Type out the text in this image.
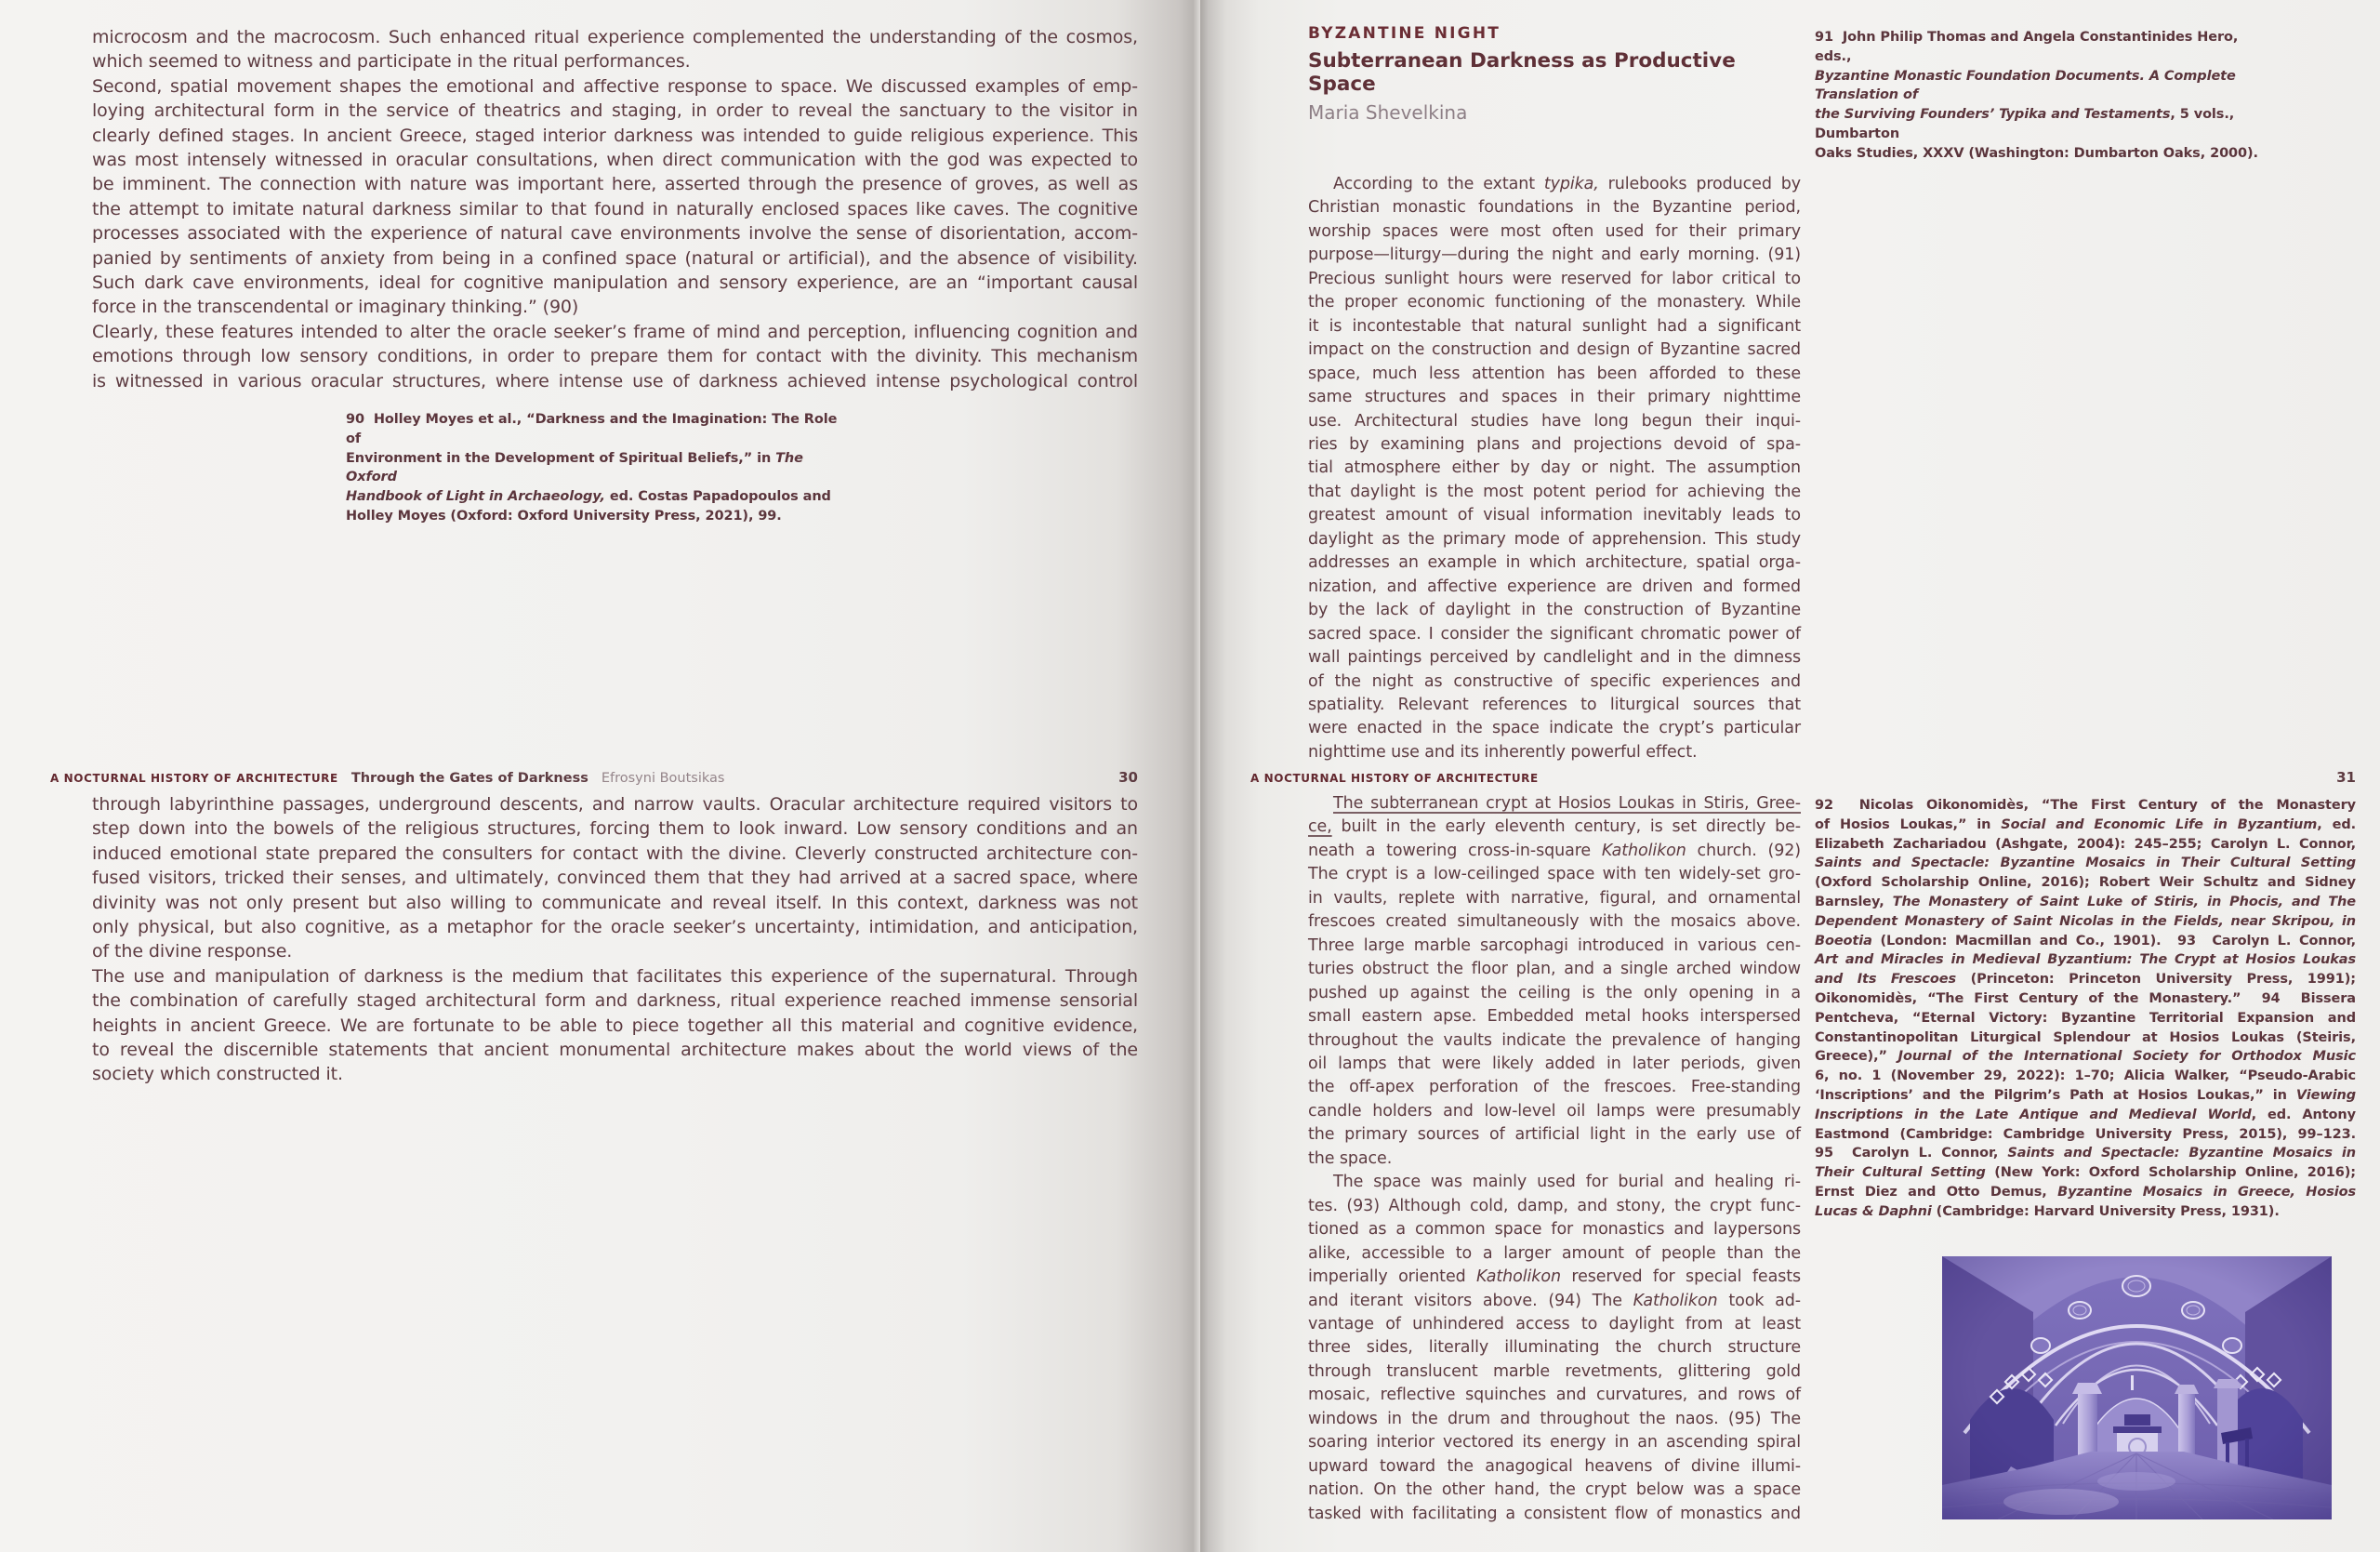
microcosm and the macrocosm. Such enhanced ritual experience complemented the understanding of the cosmos,
which seemed to witness and participate in the ritual performances.
Second, spatial movement shapes the emotional and affective response to space. We discussed examples of emp-
loying architectural form in the service of theatrics and staging, in order to reveal the sanctuary to the visitor in
clearly defined stages. In ancient Greece, staged interior darkness was intended to guide religious experience. This
was most intensely witnessed in oracular consultations, when direct communication with the god was expected to
be imminent. The connection with nature was important here, asserted through the presence of groves, as well as
the attempt to imitate natural darkness similar to that found in naturally enclosed spaces like caves. The cognitive
processes associated with the experience of natural cave environments involve the sense of disorientation, accom-
panied by sentiments of anxiety from being in a confined space (natural or artificial), and the absence of visibility.
Such dark cave environments, ideal for cognitive manipulation and sensory experience, are an “important causal
force in the transcendental or imaginary thinking.” (90)
Clearly, these features intended to alter the oracle seeker’s frame of mind and perception, influencing cognition and
emotions through low sensory conditions, in order to prepare them for contact with the divinity. This mechanism
is witnessed in various oracular structures, where intense use of darkness achieved intense psychological control
90  Holley Moyes et al., “Darkness and the Imagination: The Role of
Environment in the Development of Spiritual Beliefs,” in The Oxford
Handbook of Light in Archaeology, ed. Costas Papadopoulos and
Holley Moyes (Oxford: Oxford University Press, 2021), 99.
A NOCTURNAL HISTORY OF ARCHITECTURE Through the Gates of Darkness Efrosyni Boutsikas	30
through labyrinthine passages, underground descents, and narrow vaults. Oracular architecture required visitors to
step down into the bowels of the religious structures, forcing them to look inward. Low sensory conditions and an
induced emotional state prepared the consulters for contact with the divine. Cleverly constructed architecture con-
fused visitors, tricked their senses, and ultimately, convinced them that they had arrived at a sacred space, where
divinity was not only present but also willing to communicate and reveal itself. In this context, darkness was not
only physical, but also cognitive, as a metaphor for the oracle seeker’s uncertainty, intimidation, and anticipation,
of the divine response.
The use and manipulation of darkness is the medium that facilitates this experience of the supernatural. Through
the combination of carefully staged architectural form and darkness, ritual experience reached immense sensorial
heights in ancient Greece. We are fortunate to be able to piece together all this material and cognitive evidence,
to reveal the discernible statements that ancient monumental architecture makes about the world views of the
society which constructed it.
BYZANTINE NIGHT
Subterranean Darkness as Productive Space
Maria Shevelkina
91  John Philip Thomas and Angela Constantinides Hero, eds.,
Byzantine Monastic Foundation Documents. A Complete Translation of
the Surviving Founders’ Typika and Testaments, 5 vols., Dumbarton
Oaks Studies, XXXV (Washington: Dumbarton Oaks, 2000).
According to the extant typika, rulebooks produced by
Christian monastic foundations in the Byzantine period,
worship spaces were most often used for their primary
purpose—liturgy—during the night and early morning. (91)
Precious sunlight hours were reserved for labor critical to
the proper economic functioning of the monastery. While
it is incontestable that natural sunlight had a significant
impact on the construction and design of Byzantine sacred
space, much less attention has been afforded to these
same structures and spaces in their primary nighttime
use. Architectural studies have long begun their inqui-
ries by examining plans and projections devoid of spa-
tial atmosphere either by day or night. The assumption
that daylight is the most potent period for achieving the
greatest amount of visual information inevitably leads to
daylight as the primary mode of apprehension. This study
addresses an example in which architecture, spatial orga-
nization, and affective experience are driven and formed
by the lack of daylight in the construction of Byzantine
sacred space. I consider the significant chromatic power of
wall paintings perceived by candlelight and in the dimness
of the night as constructive of specific experiences and
spatiality. Relevant references to liturgical sources that
were enacted in the space indicate the crypt’s particular
nighttime use and its inherently powerful effect.
A NOCTURNAL HISTORY OF ARCHITECTURE	31
The subterranean crypt at Hosios Loukas in Stiris, Gree-
ce, built in the early eleventh century, is set directly be-
neath a towering cross-in-square Katholikon church. (92)
The crypt is a low-ceilinged space with ten widely-set gro-
in vaults, replete with narrative, figural, and ornamental
frescoes created simultaneously with the mosaics above.
Three large marble sarcophagi introduced in various cen-
turies obstruct the floor plan, and a single arched window
pushed up against the ceiling is the only opening in a
small eastern apse. Embedded metal hooks interspersed
throughout the vaults indicate the prevalence of hanging
oil lamps that were likely added in later periods, given
the off-apex perforation of the frescoes. Free-standing
candle holders and low-level oil lamps were presumably
the primary sources of artificial light in the early use of
the space.
The space was mainly used for burial and healing ri-
tes. (93) Although cold, damp, and stony, the crypt func-
tioned as a common space for monastics and laypersons
alike, accessible to a larger amount of people than the
imperially oriented Katholikon reserved for special feasts
and iterant visitors above. (94) The Katholikon took ad-
vantage of unhindered access to daylight from at least
three sides, literally illuminating the church structure
through translucent marble revetments, glittering gold
mosaic, reflective squinches and curvatures, and rows of
windows in the drum and throughout the naos. (95) The
soaring interior vectored its energy in an ascending spiral
upward toward the anagogical heavens of divine illumi-
nation. On the other hand, the crypt below was a space
tasked with facilitating a consistent flow of monastics and
92  Nicolas Oikonomidès, “The First Century of the Monastery
of Hosios Loukas,” in Social and Economic Life in Byzantium, ed.
Elizabeth Zachariadou (Ashgate, 2004): 245–255; Carolyn L. Connor,
Saints and Spectacle: Byzantine Mosaics in Their Cultural Setting
(Oxford Scholarship Online, 2016); Robert Weir Schultz and Sidney
Barnsley, The Monastery of Saint Luke of Stiris, in Phocis, and The
Dependent Monastery of Saint Nicolas in the Fields, near Skripou, in
Boeotia (London: Macmillan and Co., 1901).  93  Carolyn L. Connor,
Art and Miracles in Medieval Byzantium: The Crypt at Hosios Loukas
and Its Frescoes (Princeton: Princeton University Press, 1991);
Oikonomidès, “The First Century of the Monastery.”  94  Bissera
Pentcheva, “Eternal Victory: Byzantine Territorial Expansion and
Constantinopolitan Liturgical Splendour at Hosios Loukas (Steiris,
Greece),” Journal of the International Society for Orthodox Music
6, no. 1 (November 29, 2022): 1–70; Alicia Walker, “Pseudo-Arabic
‘Inscriptions’ and the Pilgrim’s Path at Hosios Loukas,” in Viewing
Inscriptions in the Late Antique and Medieval World, ed. Antony
Eastmond (Cambridge: Cambridge University Press, 2015), 99–123.
95  Carolyn L. Connor, Saints and Spectacle: Byzantine Mosaics in
Their Cultural Setting (New York: Oxford Scholarship Online, 2016);
Ernst Diez and Otto Demus, Byzantine Mosaics in Greece, Hosios
Lucas & Daphni (Cambridge: Harvard University Press, 1931).
